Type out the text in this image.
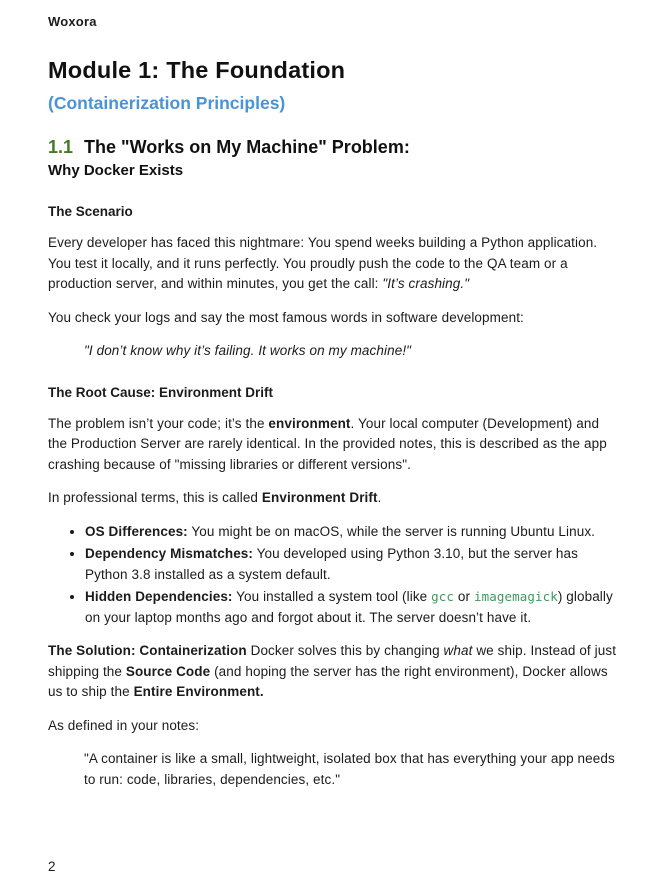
Woxora
Module 1: The Foundation
(Containerization Principles)
1.1 The "Works on My Machine" Problem:
Why Docker Exists
The Scenario

Every developer has faced this nightmare: You spend weeks building a Python application. You test it locally, and it runs perfectly. You proudly push the code to the QA team or a production server, and within minutes, you get the call: "It’s crashing."

You check your logs and say the most famous words in software development:

"I don’t know why it’s failing. It works on my machine!"

The Root Cause: Environment Drift

The problem isn’t your code; it’s the environment. Your local computer (Development) and the Production Server are rarely identical. In the provided notes, this is described as the app crashing because of "missing libraries or different versions".

In professional terms, this is called Environment Drift.

• OS Differences: You might be on macOS, while the server is running Ubuntu Linux.
• Dependency Mismatches: You developed using Python 3.10, but the server has Python 3.8 installed as a system default.
• Hidden Dependencies: You installed a system tool (like gcc or imagemagick) globally on your laptop months ago and forgot about it. The server doesn’t have it.

The Solution: Containerization Docker solves this by changing what we ship. Instead of just shipping the Source Code (and hoping the server has the right environment), Docker allows us to ship the Entire Environment.

As defined in your notes:

"A container is like a small, lightweight, isolated box that has everything your app needs to run: code, libraries, dependencies, etc."

2
